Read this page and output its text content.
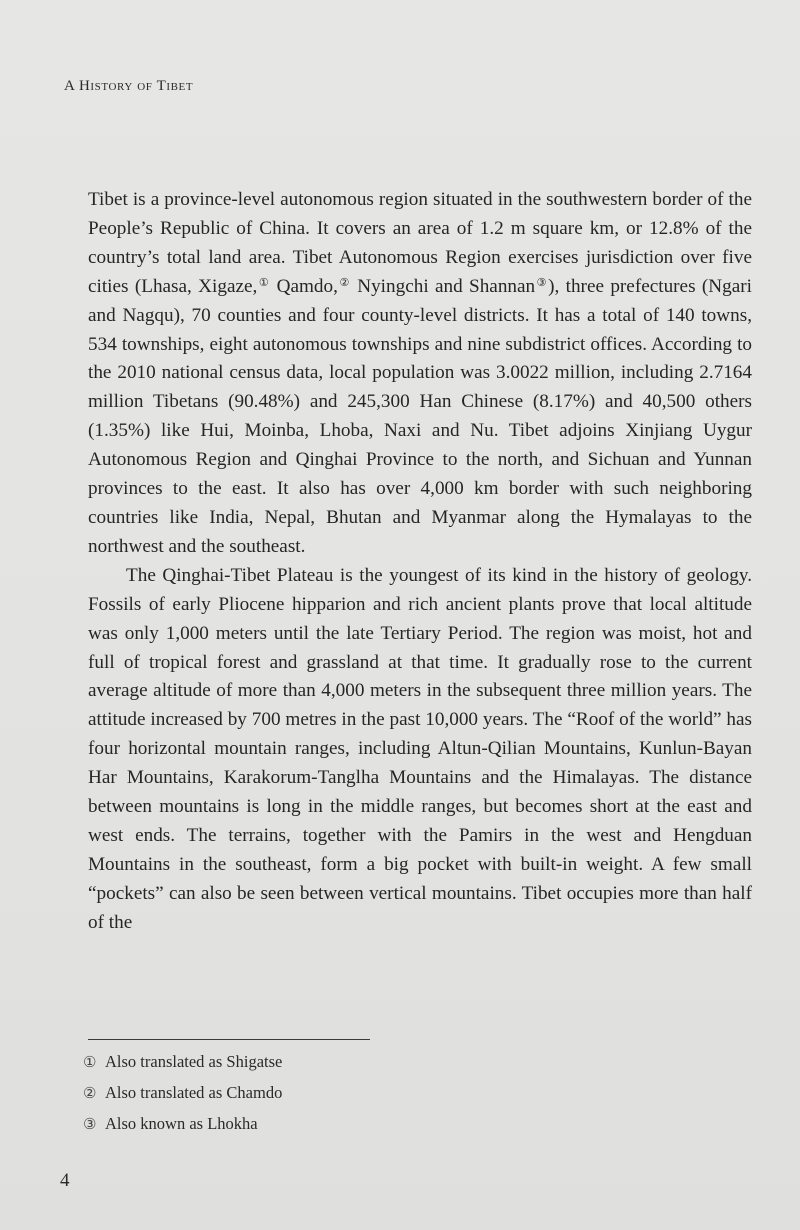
A History of Tibet

Tibet is a province-level autonomous region situated in the southwestern border of the People’s Republic of China. It covers an area of 1.2 m square km, or 12.8% of the country’s total land area. Tibet Autonomous Region exercises jurisdiction over five cities (Lhasa, Xigaze,① Qamdo,② Nyingchi and Shannan③), three prefectures (Ngari and Nagqu), 70 counties and four county-level districts. It has a total of 140 towns, 534 townships, eight autonomous townships and nine subdistrict offices. According to the 2010 national census data, local population was 3.0022 million, including 2.7164 million Tibetans (90.48%) and 245,300 Han Chinese (8.17%) and 40,500 others (1.35%) like Hui, Moinba, Lhoba, Naxi and Nu. Tibet adjoins Xinjiang Uygur Autonomous Region and Qinghai Province to the north, and Sichuan and Yunnan provinces to the east. It also has over 4,000 km border with such neighboring countries like India, Nepal, Bhutan and Myanmar along the Hymalayas to the northwest and the southeast.

The Qinghai-Tibet Plateau is the youngest of its kind in the history of geology. Fossils of early Pliocene hipparion and rich ancient plants prove that local altitude was only 1,000 meters until the late Tertiary Period. The region was moist, hot and full of tropical forest and grassland at that time. It gradually rose to the current average altitude of more than 4,000 meters in the subsequent three million years. The attitude increased by 700 metres in the past 10,000 years. The “Roof of the world” has four horizontal mountain ranges, including Altun-Qilian Mountains, Kunlun-Bayan Har Mountains, Karakorum-Tanglha Mountains and the Himalayas. The distance between mountains is long in the middle ranges, but becomes short at the east and west ends. The terrains, together with the Pamirs in the west and Hengduan Mountains in the southeast, form a big pocket with built-in weight. A few small “pockets” can also be seen between vertical mountains. Tibet occupies more than half of the

① Also translated as Shigatse
② Also translated as Chamdo
③ Also known as Lhokha
4
